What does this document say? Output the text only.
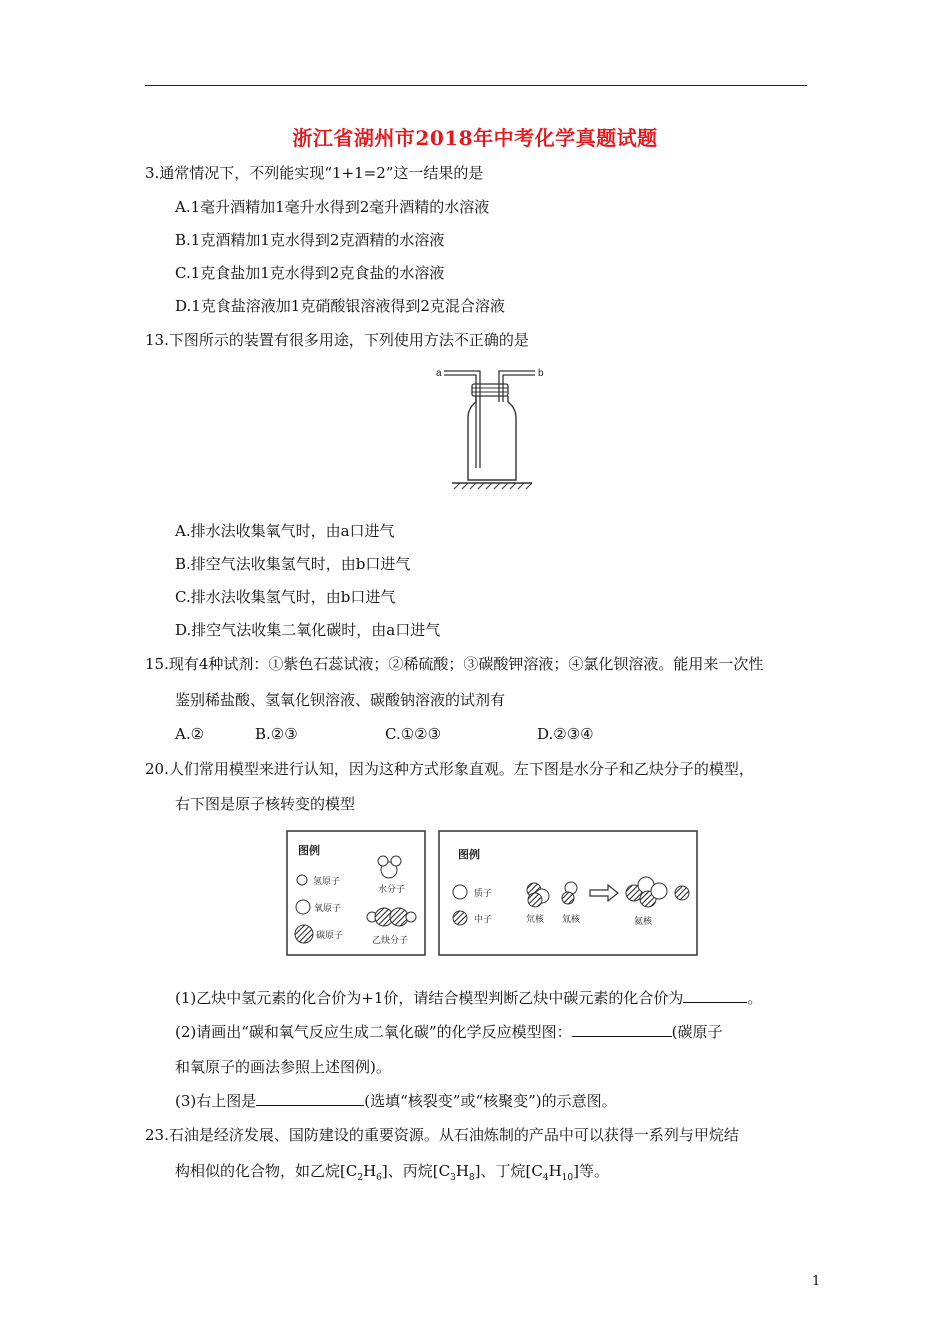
浙江省湖州市2018年中考化学真题试题
3.通常情况下，不列能实现“1+1=2”这一结果的是
A.1毫升酒精加1毫升水得到2毫升酒精的水溶液
B.1克酒精加1克水得到2克酒精的水溶液
C.1克食盐加1克水得到2克食盐的水溶液
D.1克食盐溶液加1克硝酸银溶液得到2克混合溶液
13.下图所示的装置有很多用途，下列使用方法不正确的是
a	b
A.排水法收集氧气时，由a口进气
B.排空气法收集氢气时，由b口进气
C.排水法收集氢气时，由b口进气
D.排空气法收集二氧化碳时，由a口进气
15.现有4种试剂：①紫色石蕊试液；②稀硫酸；③碳酸钾溶液；④氯化钡溶液。能用来一次性
鉴别稀盐酸、氢氧化钡溶液、碳酸钠溶液的试剂有
A.②	B.②③	C.①②③	D.②③④
20.人们常用模型来进行认知，因为这种方式形象直观。左下图是水分子和乙炔分子的模型，
右下图是原子核转变的模型
图例
氢原子
氧原子
碳原子
水分子
乙炔分子
图例
质子
中子	氘核 氚核	氦核
(1)乙炔中氢元素的化合价为+1价，请结合模型判断乙炔中碳元素的化合价为	。
(2)请画出“碳和氧气反应生成二氧化碳”的化学反应模型图：	(碳原子
和氧原子的画法参照上述图例)。
(3)右上图是	(选填“核裂变”或“核聚变”)的示意图。
23.石油是经济发展、国防建设的重要资源。从石油炼制的产品中可以获得一系列与甲烷结
构相似的化合物，如乙烷$[C_2H_6]$、丙烷$[C_3H_8]$、丁烷$[C_4H_{10}]$等。
1
